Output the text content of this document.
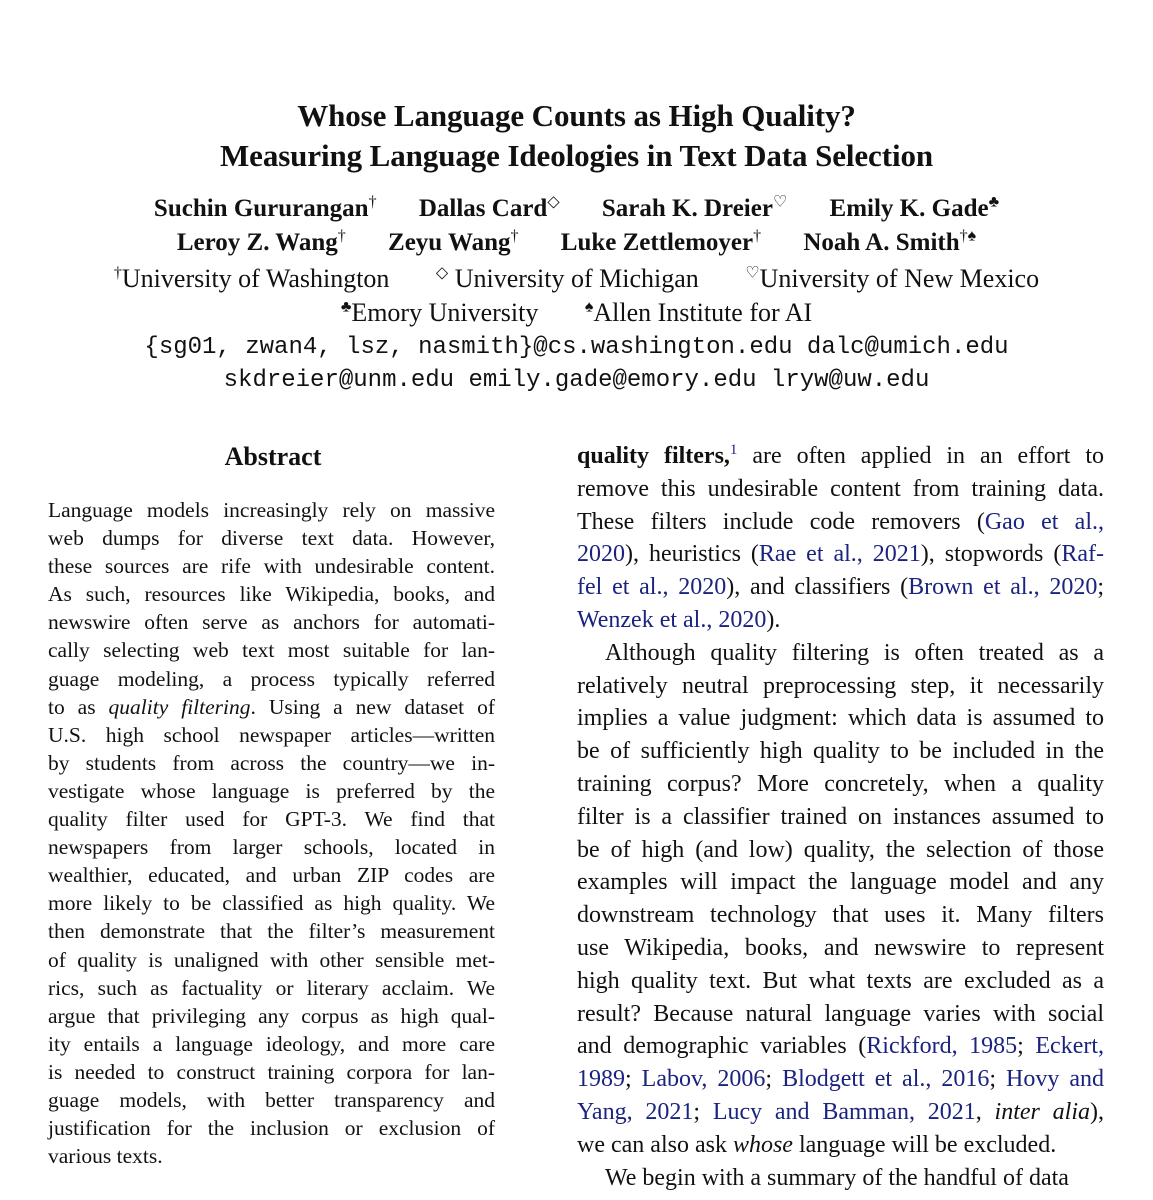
Whose Language Counts as High Quality?
Measuring Language Ideologies in Text Data Selection
Suchin Gururangan† Dallas Card◇ Sarah K. Dreier♡ Emily K. Gade♣
Leroy Z. Wang† Zeyu Wang† Luke Zettlemoyer† Noah A. Smith†♠
†University of Washington	◇ University of Michigan	♡University of New Mexico
♣Emory University	♠Allen Institute for AI
{sg01, zwan4, lsz, nasmith}@cs.washington.edu dalc@umich.edu
skdreier@unm.edu emily.gade@emory.edu lryw@uw.edu
Abstract
Language models increasingly rely on massive
web dumps for diverse text data. However,
these sources are rife with undesirable content.
As such, resources like Wikipedia, books, and
newswire often serve as anchors for automati-
cally selecting web text most suitable for lan-
guage modeling, a process typically referred
to as quality filtering. Using a new dataset of
U.S. high school newspaper articles—written
by students from across the country—we in-
vestigate whose language is preferred by the
quality filter used for GPT-3. We find that
newspapers from larger schools, located in
wealthier, educated, and urban ZIP codes are
more likely to be classified as high quality. We
then demonstrate that the filter’s measurement
of quality is unaligned with other sensible met-
rics, such as factuality or literary acclaim. We
argue that privileging any corpus as high qual-
ity entails a language ideology, and more care
is needed to construct training corpora for lan-
guage models, with better transparency and
justification for the inclusion or exclusion of
various texts.
quality filters,$^1$ are often applied in an effort to
remove this undesirable content from training data.
These filters include code removers (Gao et al.,
2020), heuristics (Rae et al., 2021), stopwords (Raf-
fel et al., 2020), and classifiers (Brown et al., 2020;
Wenzek et al., 2020).
Although quality filtering is often treated as a
relatively neutral preprocessing step, it necessarily
implies a value judgment: which data is assumed to
be of sufficiently high quality to be included in the
training corpus? More concretely, when a quality
filter is a classifier trained on instances assumed to
be of high (and low) quality, the selection of those
examples will impact the language model and any
downstream technology that uses it. Many filters
use Wikipedia, books, and newswire to represent
high quality text. But what texts are excluded as a
result? Because natural language varies with social
and demographic variables (Rickford, 1985; Eckert,
1989; Labov, 2006; Blodgett et al., 2016; Hovy and
Yang, 2021; Lucy and Bamman, 2021, inter alia),
we can also ask whose language will be excluded.
We begin with a summary of the handful of data
